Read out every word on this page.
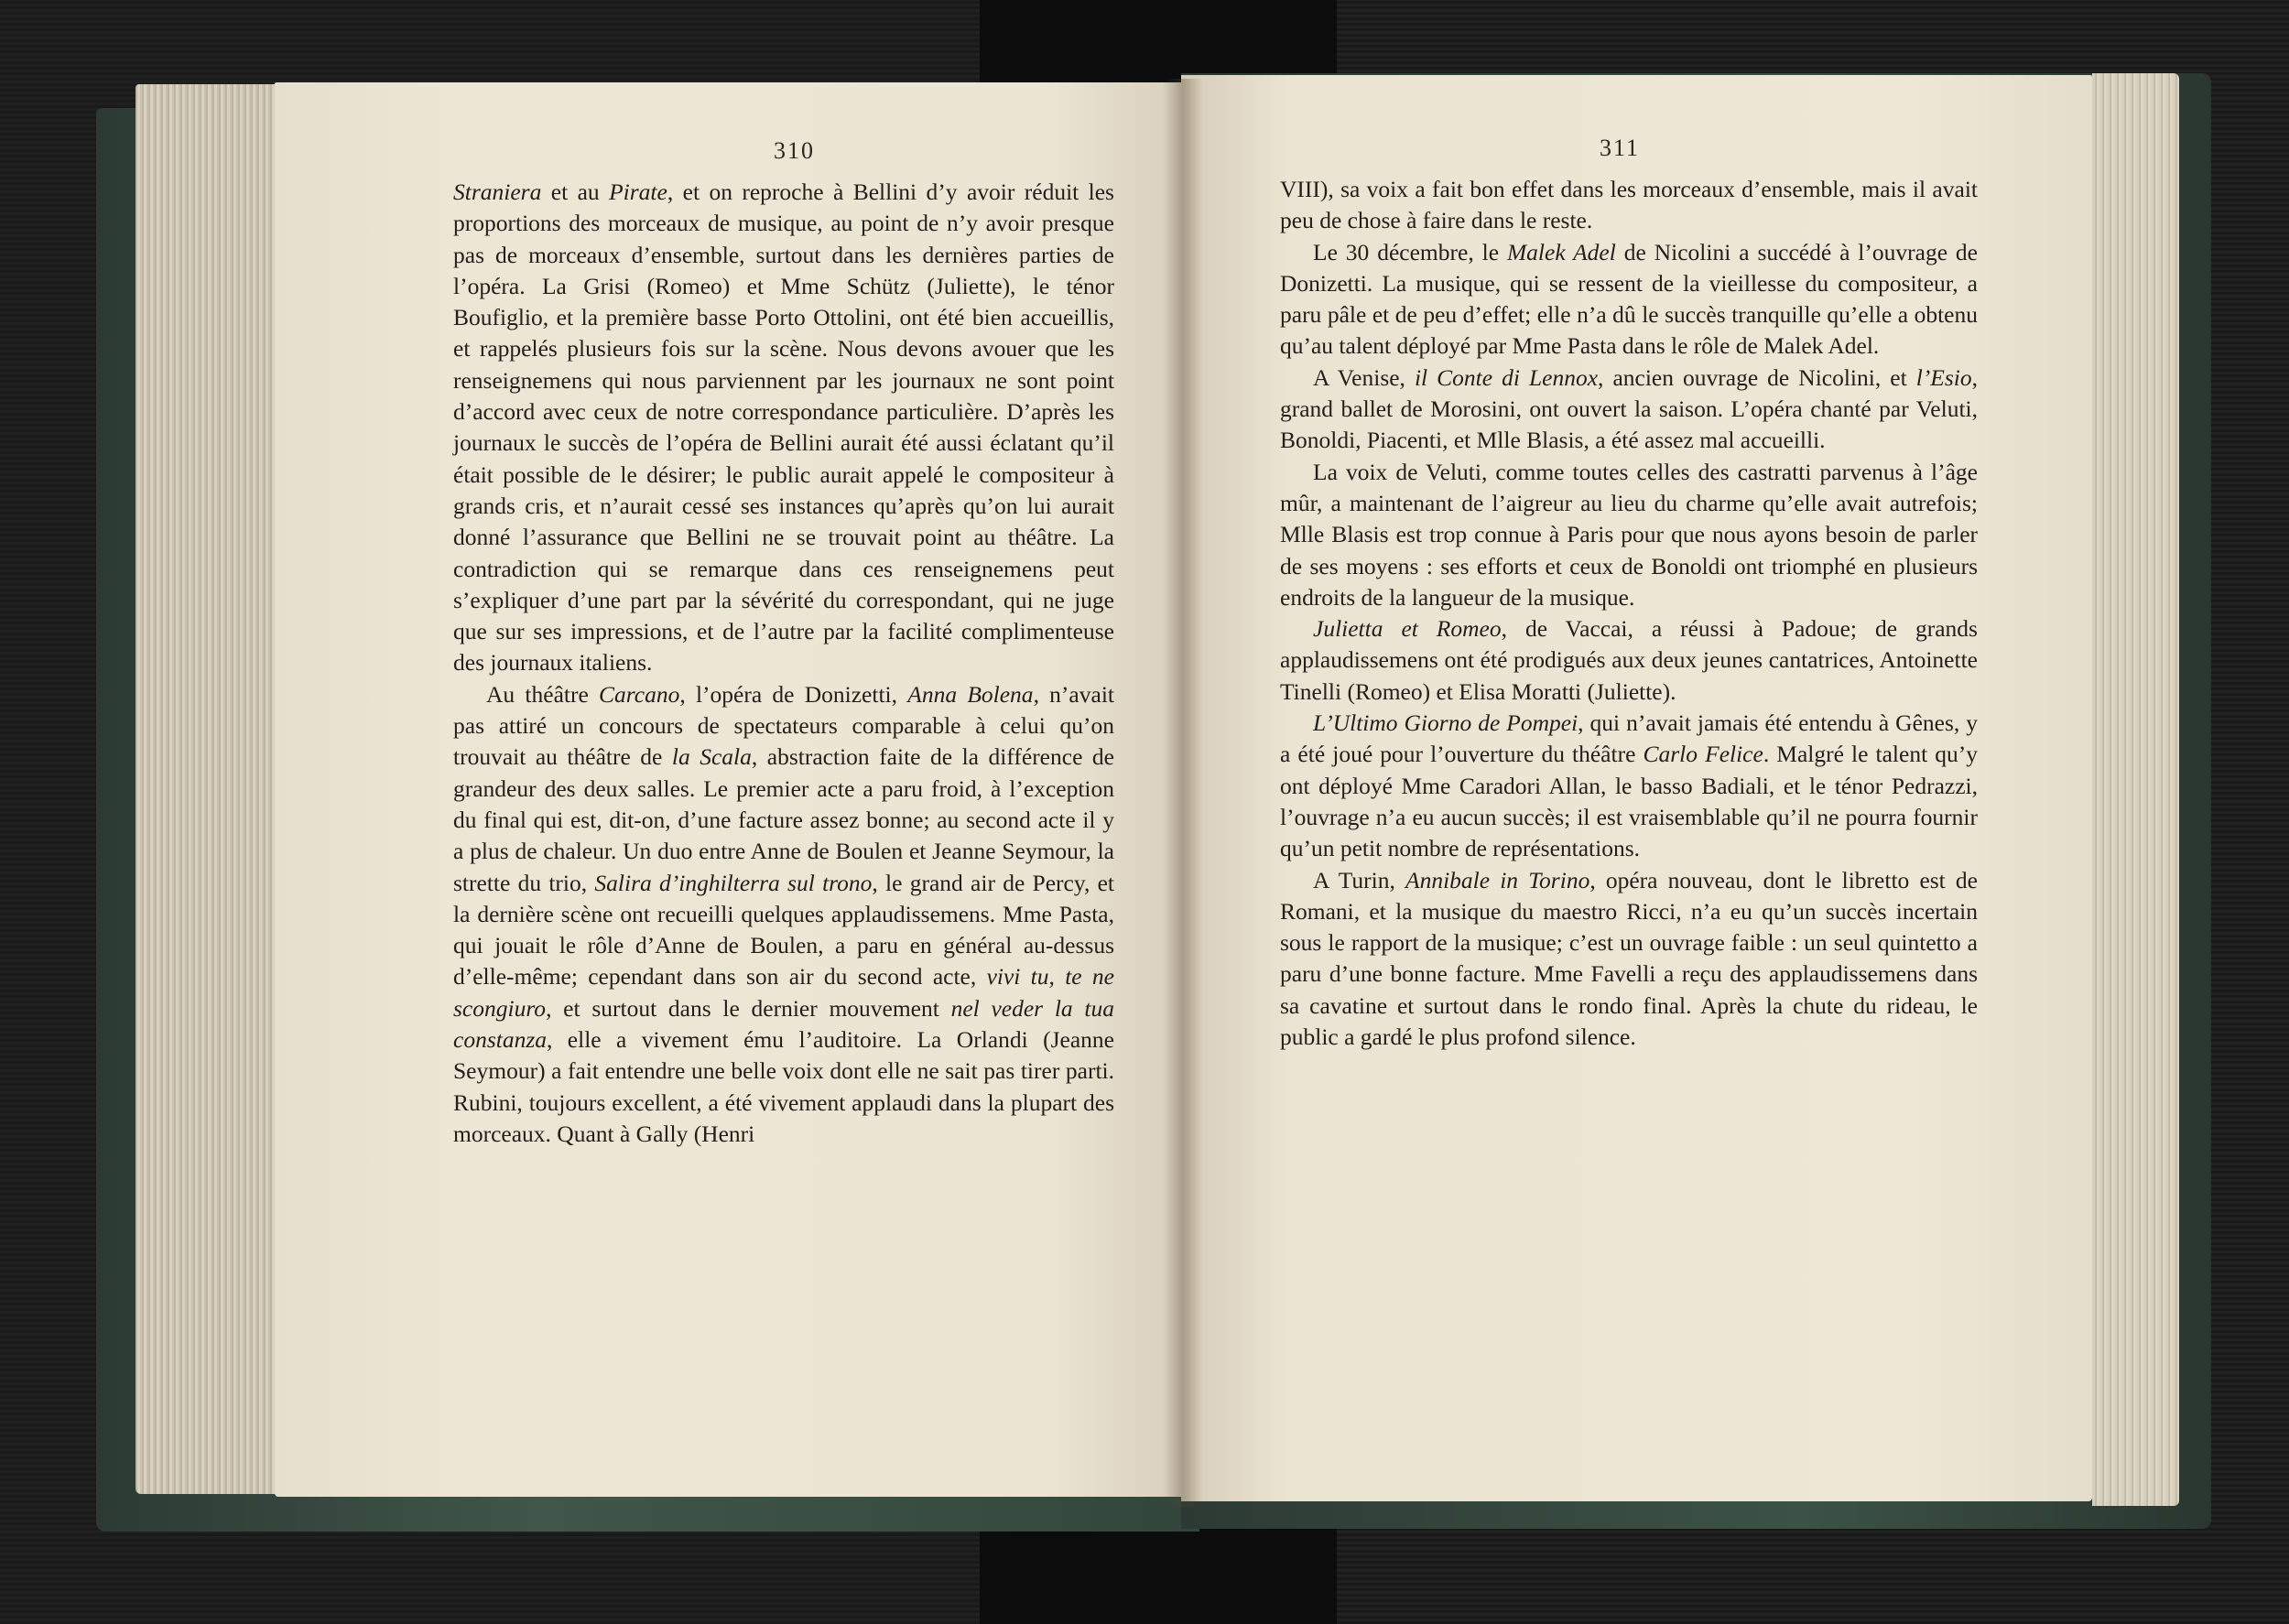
310

Straniera et au Pirate, et on reproche à Bellini d’y avoir réduit les proportions des morceaux de musique, au point de n’y avoir presque pas de morceaux d’ensemble, surtout dans les dernières parties de l’opéra. La Grisi (Romeo) et Mme Schütz (Juliette), le ténor Boufiglio, et la première basse Porto Ottolini, ont été bien accueillis, et rappelés plusieurs fois sur la scène. Nous devons avouer que les renseignemens qui nous parviennent par les journaux ne sont point d’accord avec ceux de notre correspondance particulière. D’après les journaux le succès de l’opéra de Bellini aurait été aussi éclatant qu’il était possible de le désirer; le public aurait appelé le compositeur à grands cris, et n’aurait cessé ses instances qu’après qu’on lui aurait donné l’assurance que Bellini ne se trouvait point au théâtre. La contradiction qui se remarque dans ces renseignemens peut s’expliquer d’une part par la sévérité du correspondant, qui ne juge que sur ses impressions, et de l’autre par la facilité complimenteuse des journaux italiens.

Au théâtre Carcano, l’opéra de Donizetti, Anna Bolena, n’avait pas attiré un concours de spectateurs comparable à celui qu’on trouvait au théâtre de la Scala, abstraction faite de la différence de grandeur des deux salles. Le premier acte a paru froid, à l’exception du final qui est, dit-on, d’une facture assez bonne; au second acte il y a plus de chaleur. Un duo entre Anne de Boulen et Jeanne Seymour, la strette du trio, Salira d’inghilterra sul trono, le grand air de Percy, et la dernière scène ont recueilli quelques applaudissemens. Mme Pasta, qui jouait le rôle d’Anne de Boulen, a paru en général au-dessus d’elle-même; cependant dans son air du second acte, vivi tu, te ne scongiuro, et surtout dans le dernier mouvement nel veder la tua constanza, elle a vivement ému l’auditoire. La Orlandi (Jeanne Seymour) a fait entendre une belle voix dont elle ne sait pas tirer parti. Rubini, toujours excellent, a été vivement applaudi dans la plupart des morceaux. Quant à Gally (Henri

311

VIII), sa voix a fait bon effet dans les morceaux d’ensemble, mais il avait peu de chose à faire dans le reste.

Le 30 décembre, le Malek Adel de Nicolini a succédé à l’ouvrage de Donizetti. La musique, qui se ressent de la vieillesse du compositeur, a paru pâle et de peu d’effet; elle n’a dû le succès tranquille qu’elle a obtenu qu’au talent déployé par Mme Pasta dans le rôle de Malek Adel.

A Venise, il Conte di Lennox, ancien ouvrage de Nicolini, et l’Esio, grand ballet de Morosini, ont ouvert la saison. L’opéra chanté par Veluti, Bonoldi, Piacenti, et Mlle Blasis, a été assez mal accueilli.

La voix de Veluti, comme toutes celles des castratti parvenus à l’âge mûr, a maintenant de l’aigreur au lieu du charme qu’elle avait autrefois; Mlle Blasis est trop connue à Paris pour que nous ayons besoin de parler de ses moyens : ses efforts et ceux de Bonoldi ont triomphé en plusieurs endroits de la langueur de la musique.

Julietta et Romeo, de Vaccai, a réussi à Padoue; de grands applaudissemens ont été prodigués aux deux jeunes cantatrices, Antoinette Tinelli (Romeo) et Elisa Moratti (Juliette).

L’Ultimo Giorno de Pompei, qui n’avait jamais été entendu à Gênes, y a été joué pour l’ouverture du théâtre Carlo Felice. Malgré le talent qu’y ont déployé Mme Caradori Allan, le basso Badiali, et le ténor Pedrazzi, l’ouvrage n’a eu aucun succès; il est vraisemblable qu’il ne pourra fournir qu’un petit nombre de représentations.

A Turin, Annibale in Torino, opéra nouveau, dont le libretto est de Romani, et la musique du maestro Ricci, n’a eu qu’un succès incertain sous le rapport de la musique; c’est un ouvrage faible : un seul quintetto a paru d’une bonne facture. Mme Favelli a reçu des applaudissemens dans sa cavatine et surtout dans le rondo final. Après la chute du rideau, le public a gardé le plus profond silence.
